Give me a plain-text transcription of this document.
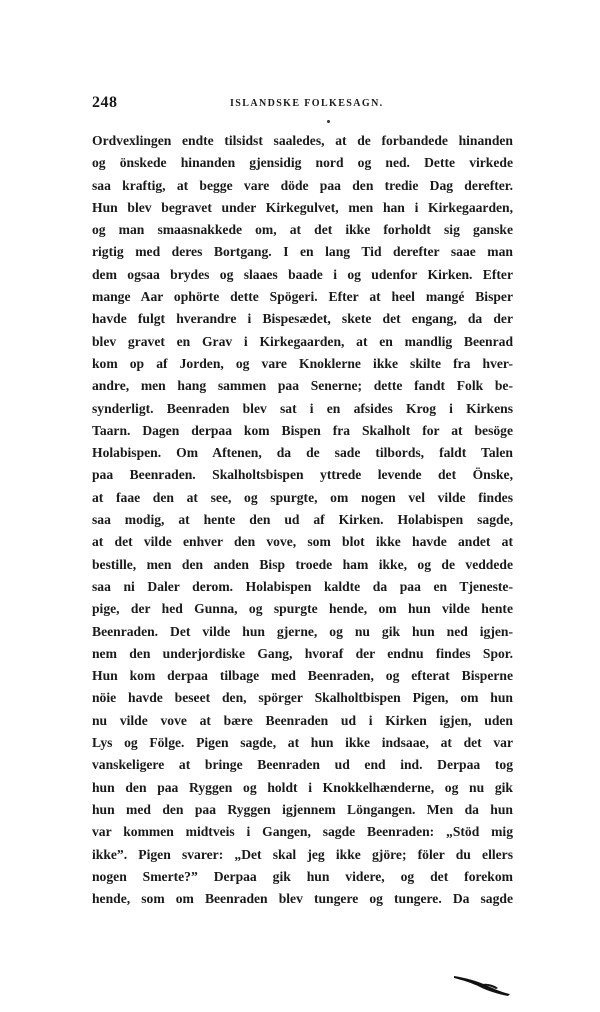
248	ISLANDSKE FOLKESAGN.
Ordvexlingen endte tilsidst saaledes, at de forbandede hinanden
og önskede hinanden gjensidig nord og ned. Dette virkede
saa kraftig, at begge vare döde paa den tredie Dag derefter.
Hun blev begravet under Kirkegulvet, men han i Kirkegaarden,
og man smaasnakkede om, at det ikke forholdt sig ganske
rigtig med deres Bortgang. I en lang Tid derefter saae man
dem ogsaa brydes og slaaes baade i og udenfor Kirken. Efter
mange Aar ophörte dette Spögeri. Efter at heel mangé Bisper
havde fulgt hverandre i Bispesædet, skete det engang, da der
blev gravet en Grav i Kirkegaarden, at en mandlig Beenrad
kom op af Jorden, og vare Knoklerne ikke skilte fra hver-
andre, men hang sammen paa Senerne; dette fandt Folk be-
synderligt. Beenraden blev sat i en afsides Krog i Kirkens
Taarn. Dagen derpaa kom Bispen fra Skalholt for at besöge
Holabispen. Om Aftenen, da de sade tilbords, faldt Talen
paa Beenraden. Skalholtsbispen yttrede levende det Önske,
at faae den at see, og spurgte, om nogen vel vilde findes
saa modig, at hente den ud af Kirken. Holabispen sagde,
at det vilde enhver den vove, som blot ikke havde andet at
bestille, men den anden Bisp troede ham ikke, og de veddede
saa ni Daler derom. Holabispen kaldte da paa en Tjeneste-
pige, der hed Gunna, og spurgte hende, om hun vilde hente
Beenraden. Det vilde hun gjerne, og nu gik hun ned igjen-
nem den underjordiske Gang, hvoraf der endnu findes Spor.
Hun kom derpaa tilbage med Beenraden, og efterat Bisperne
nöie havde beseet den, spörger Skalholtbispen Pigen, om hun
nu vilde vove at bære Beenraden ud i Kirken igjen, uden
Lys og Fölge. Pigen sagde, at hun ikke indsaae, at det var
vanskeligere at bringe Beenraden ud end ind. Derpaa tog
hun den paa Ryggen og holdt i Knokkelhænderne, og nu gik
hun med den paa Ryggen igjennem Löngangen. Men da hun
var kommen midtveis i Gangen, sagde Beenraden: „Stöd mig
ikke”. Pigen svarer: „Det skal jeg ikke gjöre; föler du ellers
nogen Smerte?” Derpaa gik hun videre, og det forekom
hende, som om Beenraden blev tungere og tungere. Da sagde
